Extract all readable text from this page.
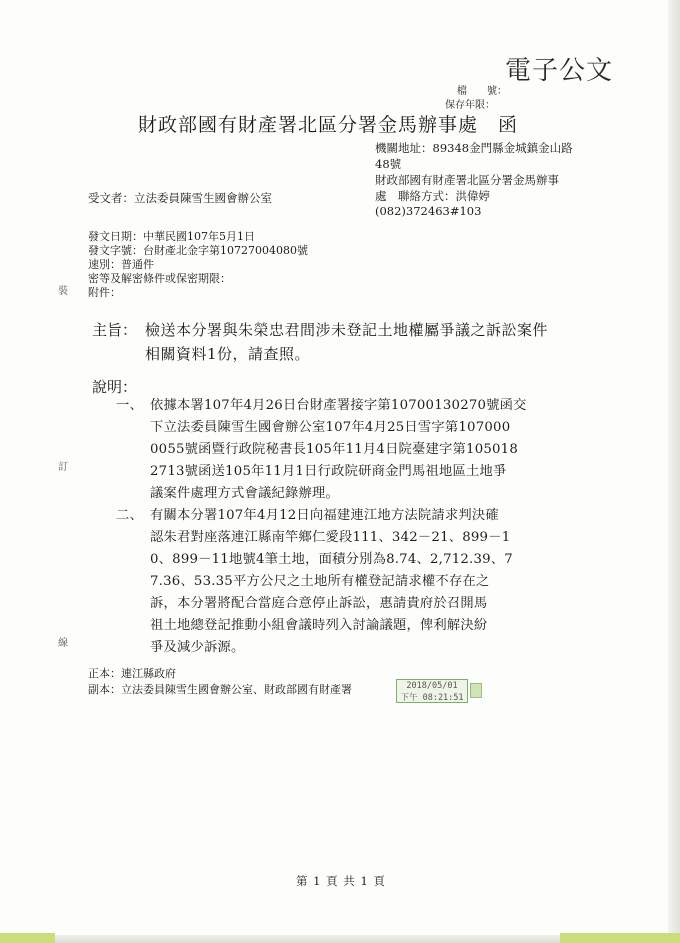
電子公文
檔　　號：
保存年限：
財政部國有財產署北區分署金馬辦事處　函
機關地址：89348金門縣金城鎮金山路
48號
財政部國有財產署北區分署金馬辦事
處　聯絡方式：洪偉婷
(082)372463#103
受文者：立法委員陳雪生國會辦公室
發文日期：中華民國107年5月1日
發文字號：台財產北金字第10727004080號
速別：普通件
密等及解密條件或保密期限：
附件：
裝
訂
線
主旨： 檢送本分署與朱榮忠君間涉未登記土地權屬爭議之訴訟案件
相關資料1份，請查照。
說明：
一、 依據本署107年4月26日台財產署接字第10700130270號函交
下立法委員陳雪生國會辦公室107年4月25日雪字第107000
0055號函暨行政院秘書長105年11月4日院臺建字第105018
2713號函送105年11月1日行政院研商金門馬祖地區土地爭
議案件處理方式會議紀錄辦理。
二、 有關本分署107年4月12日向福建連江地方法院請求判決確
認朱君對座落連江縣南竿鄉仁愛段111、342－21、899－1
0、899－11地號4筆土地，面積分別為8.74、2,712.39、7
7.36、53.35平方公尺之土地所有權登記請求權不存在之
訴，本分署將配合當庭合意停止訴訟，惠請貴府於召開馬
祖土地總登記推動小組會議時列入討論議題，俾利解決紛
爭及減少訴源。
正本：連江縣政府
副本：立法委員陳雪生國會辦公室、財政部國有財產署	2018/05/01
下午 08:21:51
第 1 頁 共 1 頁
